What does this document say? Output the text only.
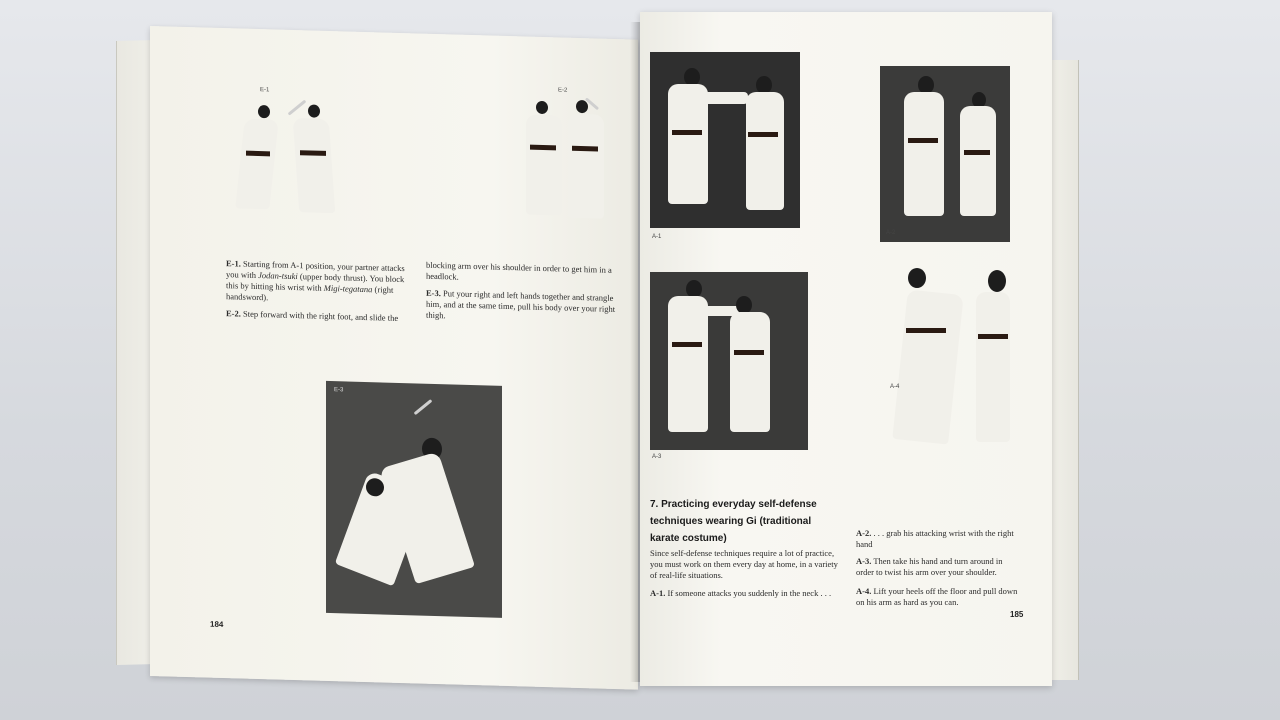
E-1	E-2
E-1. Starting from A-1 position, your partner attacks you with Jodan-tsuki (upper body thrust). You block this by hitting his wrist with Migi-tegatana (right handsword).
E-2. Step forward with the right foot, and slide the
blocking arm over his shoulder in order to get him in a headlock.
E-3. Put your right and left hands together and strangle him, and at the same time, pull his body over your right thigh.
E-3
184
A-1
A-2
A-3
A-4
7. Practicing everyday self-defense techniques wearing Gi (traditional karate costume)
Since self-defense techniques require a lot of practice, you must work on them every day at home, in a variety of real-life situations.
A-1. If someone attacks you suddenly in the neck . . .
A-2. . . . grab his attacking wrist with the right hand
A-3. Then take his hand and turn around in order to twist his arm over your shoulder.
A-4. Lift your heels off the floor and pull down on his arm as hard as you can.
185
